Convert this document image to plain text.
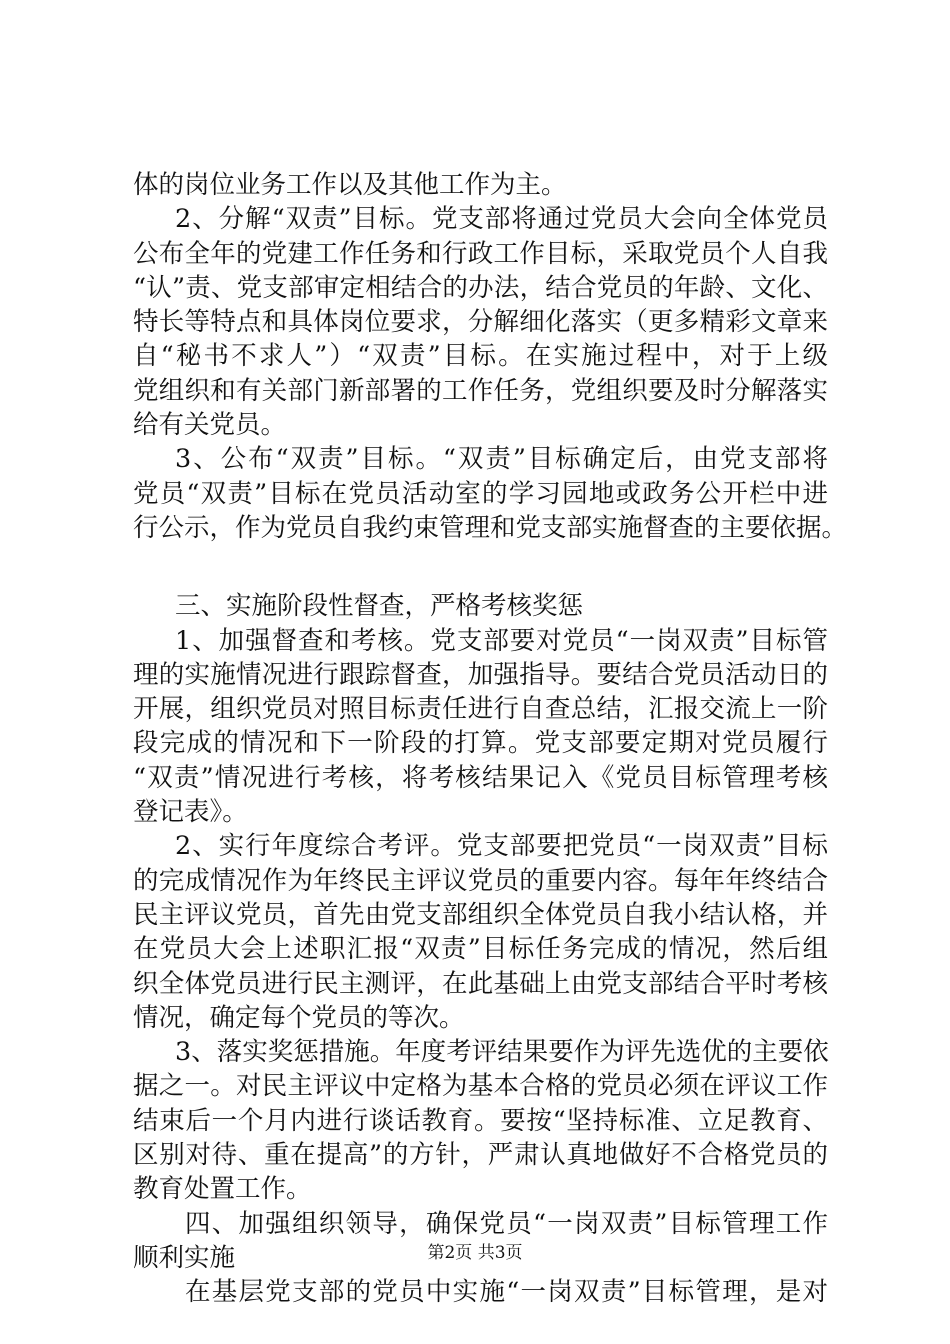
体的岗位业务工作以及其他工作为主。
2、分解“双责”目标。党支部将通过党员大会向全体党员
公布全年的党建工作任务和行政工作目标，采取党员个人自我
“认”责、党支部审定相结合的办法，结合党员的年龄、文化、
特长等特点和具体岗位要求，分解细化落实（更多精彩文章来
自“秘书不求人”）“双责”目标。在实施过程中，对于上级
党组织和有关部门新部署的工作任务，党组织要及时分解落实
给有关党员。
3、公布“双责”目标。“双责”目标确定后，由党支部将
党员“双责”目标在党员活动室的学习园地或政务公开栏中进
行公示，作为党员自我约束管理和党支部实施督查的主要依据。
三、实施阶段性督查，严格考核奖惩
1、加强督查和考核。党支部要对党员“一岗双责”目标管
理的实施情况进行跟踪督查，加强指导。要结合党员活动日的
开展，组织党员对照目标责任进行自查总结，汇报交流上一阶
段完成的情况和下一阶段的打算。党支部要定期对党员履行
“双责”情况进行考核，将考核结果记入《党员目标管理考核
登记表》。
2、实行年度综合考评。党支部要把党员“一岗双责”目标
的完成情况作为年终民主评议党员的重要内容。每年年终结合
民主评议党员，首先由党支部组织全体党员自我小结认格，并
在党员大会上述职汇报“双责”目标任务完成的情况，然后组
织全体党员进行民主测评，在此基础上由党支部结合平时考核
情况，确定每个党员的等次。
3、落实奖惩措施。年度考评结果要作为评先选优的主要依
据之一。对民主评议中定格为基本合格的党员必须在评议工作
结束后一个月内进行谈话教育。要按“坚持标准、立足教育、
区别对待、重在提高”的方针，严肃认真地做好不合格党员的
教育处置工作。
四、加强组织领导，确保党员“一岗双责”目标管理工作
顺利实施
在基层党支部的党员中实施“一岗双责”目标管理，是对
第2页 共3页
